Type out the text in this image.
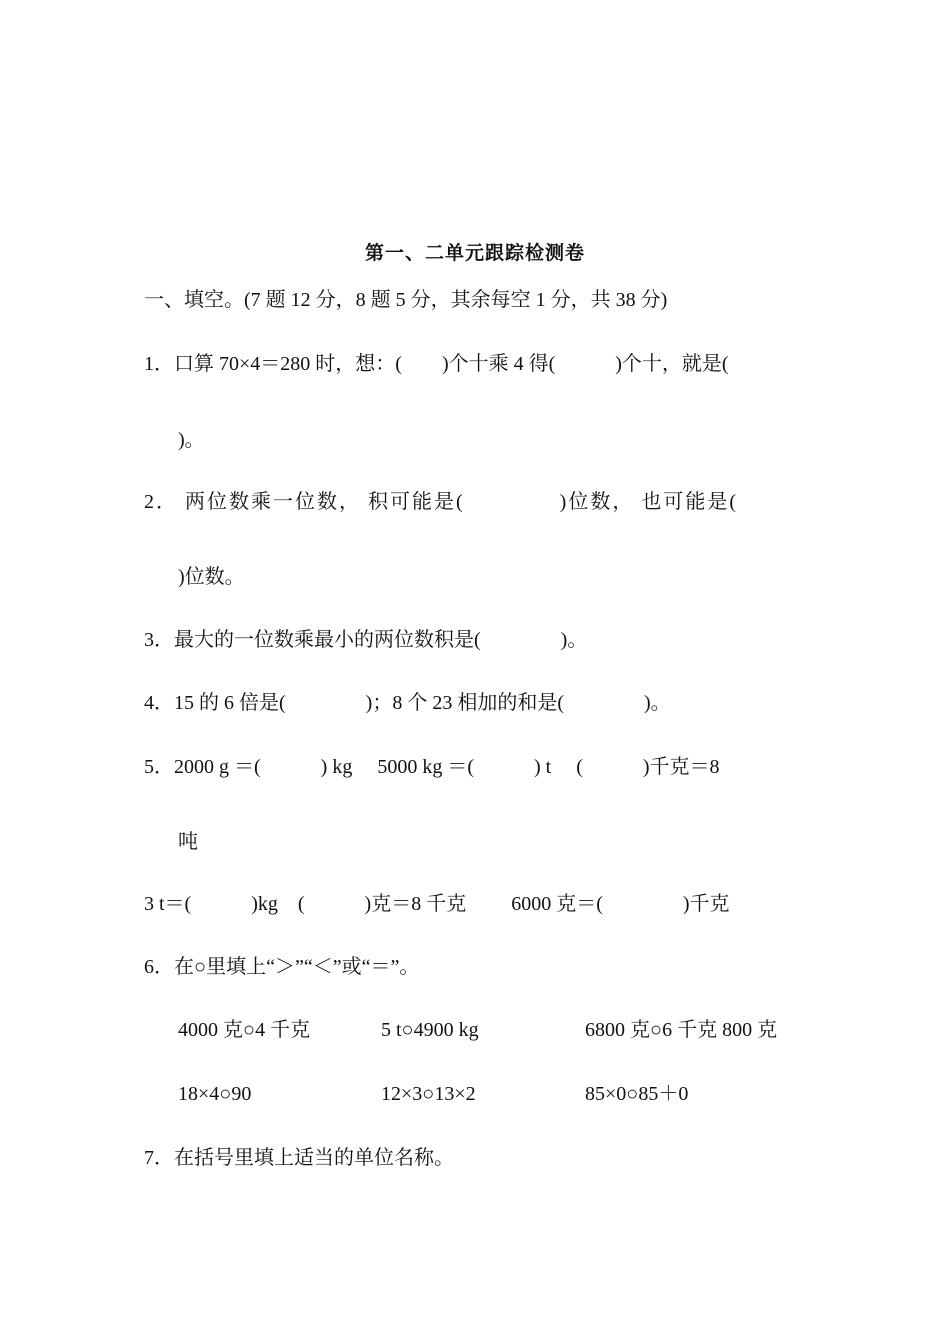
第一、二单元跟踪检测卷
一、填空。(7 题 12 分，8 题 5 分，其余每空 1 分，共 38 分)
1．口算 70×4＝280 时，想：(　　)个十乘 4 得(　　　)个十，就是(
)。
2． 两位数乘一位数， 积可能是(　　　　 )位数， 也可能是(
)位数。
3．最大的一位数乘最小的两位数积是(　　　　)。
4．15 的 6 倍是(　　　　)；8 个 23 相加的和是(　　　　)。
5．2000 g ＝(　　　) kg　 5000 kg ＝(　　　) t　 (　　　)千克＝8
吨
3 t＝(　　　)kg　(　　　)克＝8 千克　　 6000 克＝(　　　　)千克
6．在○里填上“＞”“＜”或“＝”。
4000 克○4 千克	5 t○4900 kg	6800 克○6 千克 800 克
18×4○90	12×3○13×2	85×0○85＋0
7．在括号里填上适当的单位名称。
